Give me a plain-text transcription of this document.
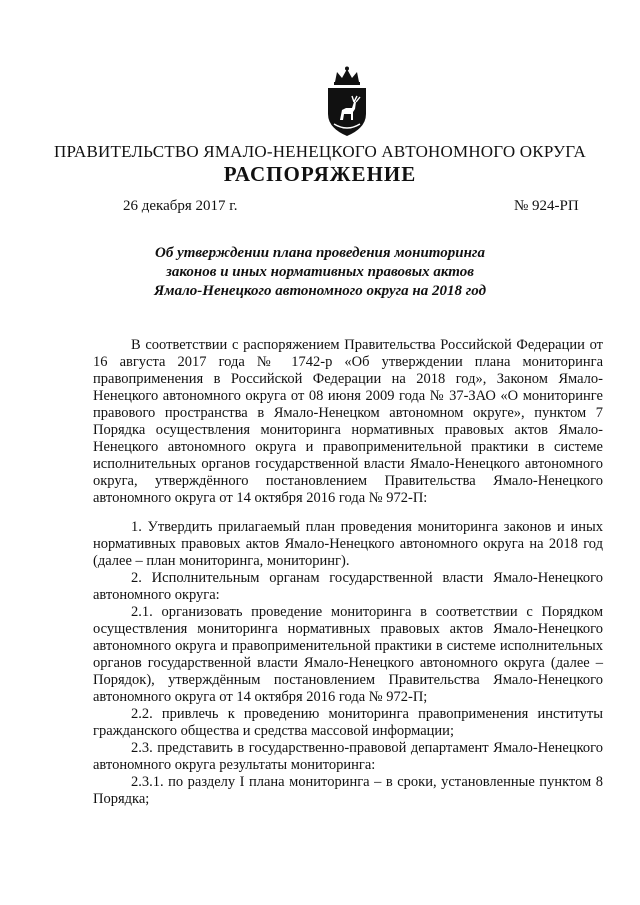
ПРАВИТЕЛЬСТВО ЯМАЛО-НЕНЕЦКОГО АВТОНОМНОГО ОКРУГА
РАСПОРЯЖЕНИЕ
26 декабря 2017 г.	№ 924-РП
Об утверждении плана проведения мониторинга
законов и иных нормативных правовых актов
Ямало-Ненецкого автономного округа на 2018 год

В соответствии с распоряжением Правительства Российской Федерации от 16 августа 2017 года № 1742-р «Об утверждении плана мониторинга правоприменения в Российской Федерации на 2018 год», Законом Ямало-Ненецкого автономного округа от 08 июня 2009 года № 37-ЗАО «О мониторинге правового пространства в Ямало-Ненецком автономном округе», пунктом 7 Порядка осуществления мониторинга нормативных правовых актов Ямало-Ненецкого автономного округа и правоприменительной практики в системе исполнительных органов государственной власти Ямало-Ненецкого автономного округа, утверждённого постановлением Правительства Ямало-Ненецкого автономного округа от 14 октября 2016 года № 972-П:

1. Утвердить прилагаемый план проведения мониторинга законов и иных нормативных правовых актов Ямало-Ненецкого автономного округа на 2018 год (далее – план мониторинга, мониторинг).

2. Исполнительным органам государственной власти Ямало-Ненецкого автономного округа:

2.1. организовать проведение мониторинга в соответствии с Порядком осуществления мониторинга нормативных правовых актов Ямало-Ненецкого автономного округа и правоприменительной практики в системе исполнительных органов государственной власти Ямало-Ненецкого автономного округа (далее – Порядок), утверждённым постановлением Правительства Ямало-Ненецкого автономного округа от 14 октября 2016 года № 972-П;

2.2. привлечь к проведению мониторинга правоприменения институты гражданского общества и средства массовой информации;

2.3. представить в государственно-правовой департамент Ямало-Ненецкого автономного округа результаты мониторинга:

2.3.1. по разделу I плана мониторинга – в сроки, установленные пунктом 8 Порядка;
